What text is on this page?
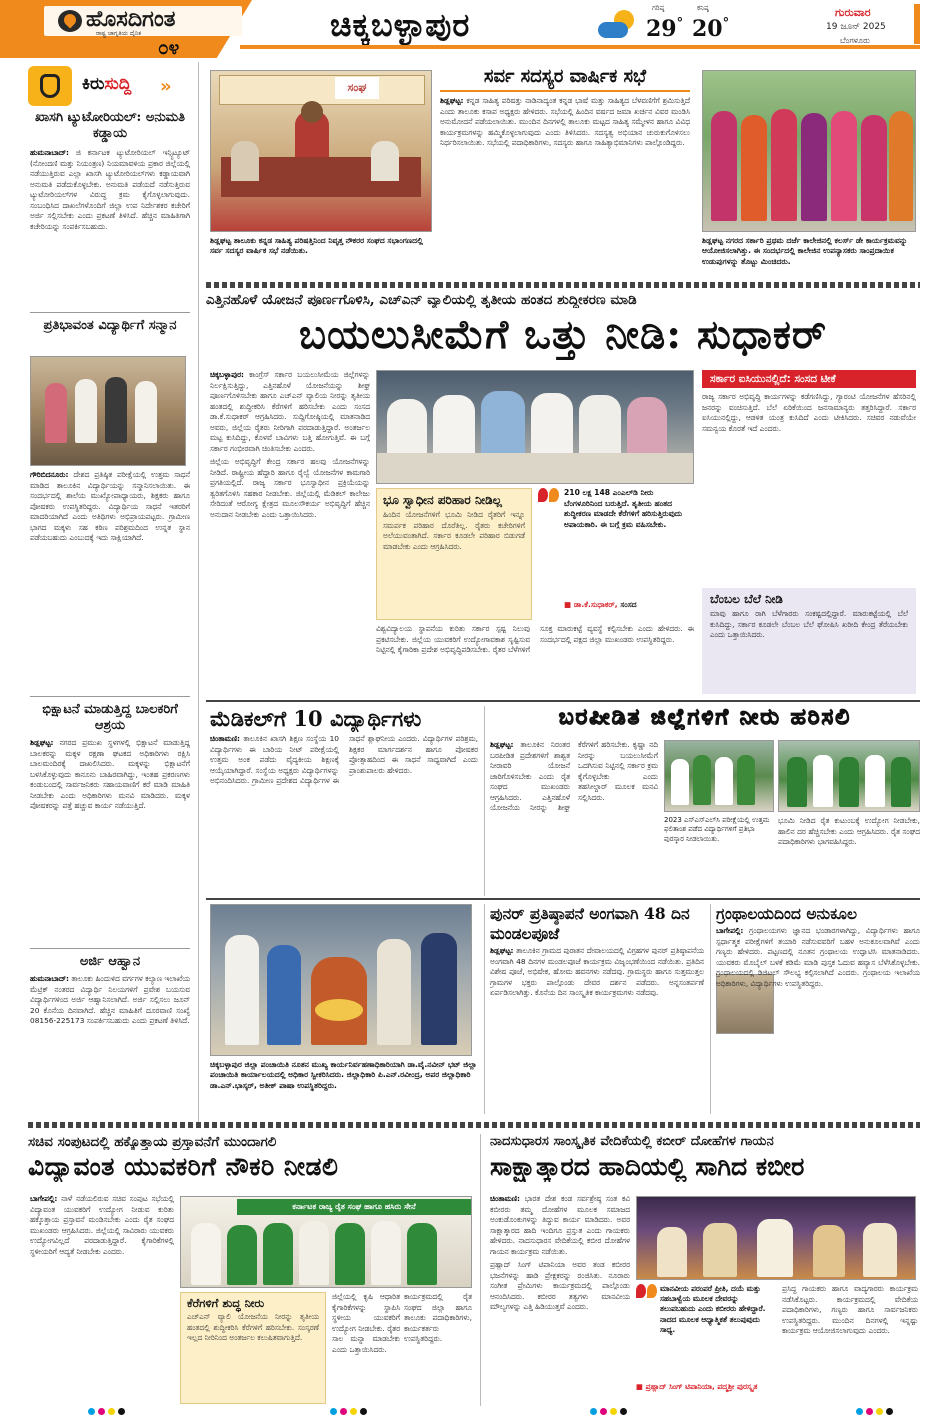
ಹೊಸದಿಗಂತ
ರಾಷ್ಟ್ರ ಜಾಗೃತಿಯ ದೈನಿಕ
೦೪
ಚಿಕ್ಕಬಳ್ಳಾಪುರ	ಗರಿಷ್ಠ
29°
ಕನಿಷ್ಠ
20°
ಗುರುವಾರ
19 ಜೂನ್ 2025
ಬೆಂಗಳೂರು
ಕಿರುಸುದ್ದಿ »
ಖಾಸಗಿ ಟ್ಯುಟೋರಿಯಲ್: ಅನುಮತಿ ಕಡ್ಡಾಯ

ಹುಮನಾಬಾದ್: ಜಿ ಕರ್ನಾಟಕ ಟ್ಯುಟೋರಿಯಲ್ ಇನ್ಸ್ಟಿಟ್ಯೂಟ್ (ನೋಂದಣಿ ಮತ್ತು ನಿಯಂತ್ರಣ) ನಿಯಮಾವಳಿಯ ಪ್ರಕಾರ ಜಿಲ್ಲೆಯಲ್ಲಿ ನಡೆಯುತ್ತಿರುವ ಎಲ್ಲಾ ಖಾಸಗಿ ಟ್ಯುಟೋರಿಯಲ್‌ಗಳು ಕಡ್ಡಾಯವಾಗಿ ಅನುಮತಿ ಪಡೆದುಕೊಳ್ಳಬೇಕು. ಅನುಮತಿ ಪಡೆಯದೆ ನಡೆಸುತ್ತಿರುವ ಟ್ಯುಟೋರಿಯಲ್‌ಗಳ ವಿರುದ್ಧ ಕ್ರಮ ಕೈಗೊಳ್ಳಲಾಗುವುದು. ಸಂಬಂಧಿಸಿದ ದಾಖಲೆಗಳೊಂದಿಗೆ ಜಿಲ್ಲಾ ಉಪ ನಿರ್ದೇಶಕರ ಕಚೇರಿಗೆ ಅರ್ಜಿ ಸಲ್ಲಿಸಬೇಕು ಎಂದು ಪ್ರಕಟಣೆ ತಿಳಿಸಿದೆ. ಹೆಚ್ಚಿನ ಮಾಹಿತಿಗಾಗಿ ಕಚೇರಿಯನ್ನು ಸಂಪರ್ಕಿಸಬಹುದು.

ಪ್ರತಿಭಾವಂತ ವಿದ್ಯಾರ್ಥಿಗೆ ಸನ್ಮಾನ

ಗೌರಿಬಿದನೂರು: ದೇಶದ ಪ್ರತಿಷ್ಠಿತ ಪರೀಕ್ಷೆಯಲ್ಲಿ ಉತ್ತಮ ಸಾಧನೆ ಮಾಡಿದ ತಾಲೂಕಿನ ವಿದ್ಯಾರ್ಥಿಯನ್ನು ಸನ್ಮಾನಿಸಲಾಯಿತು. ಈ ಸಂದರ್ಭದಲ್ಲಿ ಶಾಲೆಯ ಮುಖ್ಯೋಪಾಧ್ಯಾಯರು, ಶಿಕ್ಷಕರು ಹಾಗೂ ಪೋಷಕರು ಉಪಸ್ಥಿತರಿದ್ದರು. ವಿದ್ಯಾರ್ಥಿಯ ಸಾಧನೆ ಇತರರಿಗೆ ಮಾದರಿಯಾಗಿದೆ ಎಂದು ಅತಿಥಿಗಳು ಅಭಿಪ್ರಾಯಪಟ್ಟರು. ಗ್ರಾಮೀಣ ಭಾಗದ ಮಕ್ಕಳು ಸಹ ಕಠಿಣ ಪರಿಶ್ರಮದಿಂದ ಉನ್ನತ ಸ್ಥಾನ ಪಡೆಯಬಹುದು ಎಂಬುದಕ್ಕೆ ಇದು ಸಾಕ್ಷಿಯಾಗಿದೆ.

ಭಿಕ್ಷಾಟನೆ ಮಾಡುತ್ತಿದ್ದ ಬಾಲಕರಿಗೆ ಆಶ್ರಯ

ಶಿಡ್ಲಘಟ್ಟ: ನಗರದ ಪ್ರಮುಖ ಸ್ಥಳಗಳಲ್ಲಿ ಭಿಕ್ಷಾಟನೆ ಮಾಡುತ್ತಿದ್ದ ಬಾಲಕರನ್ನು ಮಕ್ಕಳ ರಕ್ಷಣಾ ಘಟಕದ ಅಧಿಕಾರಿಗಳು ರಕ್ಷಿಸಿ ಬಾಲಮಂದಿರಕ್ಕೆ ದಾಖಲಿಸಿದರು. ಮಕ್ಕಳನ್ನು ಭಿಕ್ಷಾಟನೆಗೆ ಬಳಸಿಕೊಳ್ಳುವುದು ಕಾನೂನು ಬಾಹಿರವಾಗಿದ್ದು, ಇಂತಹ ಪ್ರಕರಣಗಳು ಕಂಡುಬಂದಲ್ಲಿ ಸಾರ್ವಜನಿಕರು ಸಹಾಯವಾಣಿಗೆ ಕರೆ ಮಾಡಿ ಮಾಹಿತಿ ನೀಡಬೇಕು ಎಂದು ಅಧಿಕಾರಿಗಳು ಮನವಿ ಮಾಡಿದರು. ಮಕ್ಕಳ ಪೋಷಕರನ್ನು ಪತ್ತೆ ಹಚ್ಚುವ ಕಾರ್ಯ ನಡೆಯುತ್ತಿದೆ.

ಅರ್ಜಿ ಆಹ್ವಾನ

ಹುಮನಾಬಾದ್: ತಾಲೂಕು ಹಿಂದುಳಿದ ವರ್ಗಗಳ ಕಲ್ಯಾಣ ಇಲಾಖೆಯ ಮೆಟ್ರಿಕ್ ನಂತರದ ವಿದ್ಯಾರ್ಥಿ ನಿಲಯಗಳಿಗೆ ಪ್ರವೇಶ ಬಯಸುವ ವಿದ್ಯಾರ್ಥಿಗಳಿಂದ ಅರ್ಜಿ ಆಹ್ವಾನಿಸಲಾಗಿದೆ. ಅರ್ಜಿ ಸಲ್ಲಿಸಲು ಜೂನ್ 20 ಕೊನೆಯ ದಿನವಾಗಿದೆ. ಹೆಚ್ಚಿನ ಮಾಹಿತಿಗೆ ದೂರವಾಣಿ ಸಂಖ್ಯೆ 08156-225173 ಸಂಪರ್ಕಿಸಬಹುದು ಎಂದು ಪ್ರಕಟಣೆ ತಿಳಿಸಿದೆ.

ಸಂಘ
ಶಿಡ್ಲಘಟ್ಟ ತಾಲೂಕು ಕನ್ನಡ ಸಾಹಿತ್ಯ ಪರಿಷತ್ತಿನಿಂದ ನಿವೃತ್ತ ನೌಕರರ ಸಂಘದ ಸಭಾಂಗಣದಲ್ಲಿ ಸರ್ವ ಸದಸ್ಯರ ವಾರ್ಷಿಕ ಸಭೆ ನಡೆಯಿತು.
ಸರ್ವ ಸದಸ್ಯರ ವಾರ್ಷಿಕ ಸಭೆ

ಶಿಡ್ಲಘಟ್ಟ: ಕನ್ನಡ ಸಾಹಿತ್ಯ ಪರಿಷತ್ತು ನಾಡಿನಾದ್ಯಂತ ಕನ್ನಡ ಭಾಷೆ ಮತ್ತು ಸಾಹಿತ್ಯದ ಬೆಳವಣಿಗೆಗೆ ಶ್ರಮಿಸುತ್ತಿದೆ ಎಂದು ತಾಲೂಕು ಕಸಾಪ ಅಧ್ಯಕ್ಷರು ಹೇಳಿದರು. ಸಭೆಯಲ್ಲಿ ಹಿಂದಿನ ವರ್ಷದ ಜಮಾ ಖರ್ಚಿನ ವಿವರ ಮಂಡಿಸಿ ಅನುಮೋದನೆ ಪಡೆಯಲಾಯಿತು. ಮುಂದಿನ ದಿನಗಳಲ್ಲಿ ತಾಲೂಕು ಮಟ್ಟದ ಸಾಹಿತ್ಯ ಸಮ್ಮೇಳನ ಹಾಗೂ ವಿವಿಧ ಕಾರ್ಯಕ್ರಮಗಳನ್ನು ಹಮ್ಮಿಕೊಳ್ಳಲಾಗುವುದು ಎಂದು ತಿಳಿಸಿದರು. ಸದಸ್ಯತ್ವ ಅಭಿಯಾನ ಚುರುಕುಗೊಳಿಸಲು ನಿರ್ಧರಿಸಲಾಯಿತು. ಸಭೆಯಲ್ಲಿ ಪದಾಧಿಕಾರಿಗಳು, ಸದಸ್ಯರು ಹಾಗೂ ಸಾಹಿತ್ಯಾಭಿಮಾನಿಗಳು ಪಾಲ್ಗೊಂಡಿದ್ದರು.

ಶಿಡ್ಲಘಟ್ಟ ನಗರದ ಸರ್ಕಾರಿ ಪ್ರಥಮ ದರ್ಜೆ ಕಾಲೇಜಿನಲ್ಲಿ ಕಲರ್ಸ್ ಡೇ ಕಾರ್ಯಕ್ರಮವನ್ನು ಆಯೋಜಿಸಲಾಗಿತ್ತು. ಈ ಸಂದರ್ಭದಲ್ಲಿ ಕಾಲೇಜಿನ ಉಪನ್ಯಾಸಕರು ಸಾಂಪ್ರದಾಯಿಕ ಉಡುಪುಗಳನ್ನು ತೊಟ್ಟು ಮಿಂಚಿದರು.
ಎತ್ತಿನಹೊಳೆ ಯೋಜನೆ ಪೂರ್ಣಗೊಳಿಸಿ, ಎಚ್‌ಎನ್ ವ್ಯಾಲಿಯಲ್ಲಿ ತೃತೀಯ ಹಂತದ ಶುದ್ಧೀಕರಣ ಮಾಡಿ
ಬಯಲುಸೀಮೆಗೆ ಒತ್ತು ನೀಡಿ: ಸುಧಾಕರ್

ಚಿಕ್ಕಬಳ್ಳಾಪುರ: ಕಾಂಗ್ರೆಸ್ ಸರ್ಕಾರ ಬಯಲುಸೀಮೆಯ ಜಿಲ್ಲೆಗಳನ್ನು ನಿರ್ಲಕ್ಷಿಸುತ್ತಿದ್ದು, ಎತ್ತಿನಹೊಳೆ ಯೋಜನೆಯನ್ನು ಶೀಘ್ರ ಪೂರ್ಣಗೊಳಿಸಬೇಕು ಹಾಗೂ ಎಚ್‌ಎನ್ ವ್ಯಾಲಿಯ ನೀರನ್ನು ತೃತೀಯ ಹಂತದಲ್ಲಿ ಶುದ್ಧೀಕರಿಸಿ ಕೆರೆಗಳಿಗೆ ಹರಿಸಬೇಕು ಎಂದು ಸಂಸದ ಡಾ.ಕೆ.ಸುಧಾಕರ್ ಆಗ್ರಹಿಸಿದರು. ಸುದ್ದಿಗೋಷ್ಠಿಯಲ್ಲಿ ಮಾತನಾಡಿದ ಅವರು, ಜಿಲ್ಲೆಯ ರೈತರು ನೀರಿಗಾಗಿ ಪರದಾಡುತ್ತಿದ್ದಾರೆ. ಅಂತರ್ಜಲ ಮಟ್ಟ ಕುಸಿದಿದ್ದು, ಕೊಳವೆ ಬಾವಿಗಳು ಬತ್ತಿ ಹೋಗುತ್ತಿವೆ. ಈ ಬಗ್ಗೆ ಸರ್ಕಾರ ಗಂಭೀರವಾಗಿ ಚಿಂತಿಸಬೇಕು ಎಂದರು.

ಜಿಲ್ಲೆಯ ಅಭಿವೃದ್ಧಿಗೆ ಕೇಂದ್ರ ಸರ್ಕಾರ ಹಲವು ಯೋಜನೆಗಳನ್ನು ನೀಡಿದೆ. ರಾಷ್ಟ್ರೀಯ ಹೆದ್ದಾರಿ ಹಾಗೂ ರೈಲ್ವೆ ಯೋಜನೆಗಳ ಕಾಮಗಾರಿ ಪ್ರಗತಿಯಲ್ಲಿದೆ. ರಾಜ್ಯ ಸರ್ಕಾರ ಭೂಸ್ವಾಧೀನ ಪ್ರಕ್ರಿಯೆಯನ್ನು ತ್ವರಿತಗೊಳಿಸಿ ಸಹಕಾರ ನೀಡಬೇಕು. ಜಿಲ್ಲೆಯಲ್ಲಿ ಮೆಡಿಕಲ್ ಕಾಲೇಜು ಸೇರಿದಂತೆ ಆರೋಗ್ಯ ಕ್ಷೇತ್ರದ ಮೂಲಸೌಕರ್ಯ ಅಭಿವೃದ್ಧಿಗೆ ಹೆಚ್ಚಿನ ಅನುದಾನ ನೀಡಬೇಕು ಎಂದು ಒತ್ತಾಯಿಸಿದರು.

ಭೂ ಸ್ವಾಧೀನ ಪರಿಹಾರ ನೀಡಿಲ್ಲ
ಹಿಂದಿನ ಯೋಜನೆಗಳಿಗೆ ಭೂಮಿ ನೀಡಿದ ರೈತರಿಗೆ ಇನ್ನೂ ಸಮರ್ಪಕ ಪರಿಹಾರ ದೊರೆತಿಲ್ಲ. ರೈತರು ಕಚೇರಿಗಳಿಗೆ ಅಲೆಯುವಂತಾಗಿದೆ. ಸರ್ಕಾರ ಕೂಡಲೇ ಪರಿಹಾರ ಬಿಡುಗಡೆ ಮಾಡಬೇಕು ಎಂದು ಆಗ್ರಹಿಸಿದರು.
210 ಲಕ್ಷ 148 ಎಂಎಲ್‌ಡಿ ನೀರು ಬೆಂಗಳೂರಿನಿಂದ ಬರುತ್ತಿದೆ. ತೃತೀಯ ಹಂತದ ಶುದ್ಧೀಕರಣ ಮಾಡದೇ ಕೆರೆಗಳಿಗೆ ಹರಿಸುತ್ತಿರುವುದು ಅಪಾಯಕಾರಿ. ಈ ಬಗ್ಗೆ ಕ್ರಮ ವಹಿಸಬೇಕು.
■ ಡಾ.ಕೆ.ಸುಧಾಕರ್, ಸಂಸದ
ವಿಶ್ವವಿದ್ಯಾಲಯ ಸ್ಥಾಪನೆಯ ಕುರಿತು ಸರ್ಕಾರ ಸ್ಪಷ್ಟ ನಿಲುವು ಪ್ರಕಟಿಸಬೇಕು. ಜಿಲ್ಲೆಯ ಯುವಕರಿಗೆ ಉದ್ಯೋಗಾವಕಾಶ ಸೃಷ್ಟಿಸುವ ನಿಟ್ಟಿನಲ್ಲಿ ಕೈಗಾರಿಕಾ ಪ್ರದೇಶ ಅಭಿವೃದ್ಧಿಪಡಿಸಬೇಕು. ರೈತರ ಬೆಳೆಗಳಿಗೆ ಸೂಕ್ತ ಮಾರುಕಟ್ಟೆ ವ್ಯವಸ್ಥೆ ಕಲ್ಪಿಸಬೇಕು ಎಂದು ಹೇಳಿದರು. ಈ ಸಂದರ್ಭದಲ್ಲಿ ಪಕ್ಷದ ಜಿಲ್ಲಾ ಮುಖಂಡರು ಉಪಸ್ಥಿತರಿದ್ದರು.
ಸರ್ಕಾರ ಐಸಿಯುನಲ್ಲಿದೆ: ಸಂಸದ ಟೀಕೆ
ರಾಜ್ಯ ಸರ್ಕಾರ ಅಭಿವೃದ್ಧಿ ಕಾರ್ಯಗಳನ್ನು ಕಡೆಗಣಿಸಿದ್ದು, ಗ್ಯಾರಂಟಿ ಯೋಜನೆಗಳ ಹೆಸರಿನಲ್ಲಿ ಜನರನ್ನು ವಂಚಿಸುತ್ತಿದೆ. ಬೆಲೆ ಏರಿಕೆಯಿಂದ ಜನಸಾಮಾನ್ಯರು ತತ್ತರಿಸಿದ್ದಾರೆ. ಸರ್ಕಾರ ಐಸಿಯುನಲ್ಲಿದ್ದು, ಆಡಳಿತ ಯಂತ್ರ ಕುಸಿದಿದೆ ಎಂದು ಟೀಕಿಸಿದರು. ಸಚಿವರ ನಡುವೆಯೇ ಸಮನ್ವಯ ಕೊರತೆ ಇದೆ ಎಂದರು.
ಬೆಂಬಲ ಬೆಲೆ ನೀಡಿ
ಮಾವು ಹಾಗೂ ರಾಗಿ ಬೆಳೆಗಾರರು ಸಂಕಷ್ಟದಲ್ಲಿದ್ದಾರೆ. ಮಾರುಕಟ್ಟೆಯಲ್ಲಿ ಬೆಲೆ ಕುಸಿದಿದ್ದು, ಸರ್ಕಾರ ಕೂಡಲೇ ಬೆಂಬಲ ಬೆಲೆ ಘೋಷಿಸಿ ಖರೀದಿ ಕೇಂದ್ರ ತೆರೆಯಬೇಕು ಎಂದು ಒತ್ತಾಯಿಸಿದರು.
ಮೆಡಿಕಲ್‌ಗೆ 10 ವಿದ್ಯಾರ್ಥಿಗಳು

ಚಿಂತಾಮಣಿ: ತಾಲೂಕಿನ ಖಾಸಗಿ ಶಿಕ್ಷಣ ಸಂಸ್ಥೆಯ 10 ವಿದ್ಯಾರ್ಥಿಗಳು ಈ ಬಾರಿಯ ನೀಟ್ ಪರೀಕ್ಷೆಯಲ್ಲಿ ಉತ್ತಮ ಅಂಕ ಪಡೆದು ವೈದ್ಯಕೀಯ ಶಿಕ್ಷಣಕ್ಕೆ ಆಯ್ಕೆಯಾಗಿದ್ದಾರೆ. ಸಂಸ್ಥೆಯ ಅಧ್ಯಕ್ಷರು ವಿದ್ಯಾರ್ಥಿಗಳನ್ನು ಅಭಿನಂದಿಸಿದರು. ಗ್ರಾಮೀಣ ಪ್ರದೇಶದ ವಿದ್ಯಾರ್ಥಿಗಳ ಈ ಸಾಧನೆ ಶ್ಲಾಘನೀಯ ಎಂದರು. ವಿದ್ಯಾರ್ಥಿಗಳ ಪರಿಶ್ರಮ, ಶಿಕ್ಷಕರ ಮಾರ್ಗದರ್ಶನ ಹಾಗೂ ಪೋಷಕರ ಪ್ರೋತ್ಸಾಹದಿಂದ ಈ ಸಾಧನೆ ಸಾಧ್ಯವಾಗಿದೆ ಎಂದು ಪ್ರಾಂಶುಪಾಲರು ಹೇಳಿದರು.

ಬರಪೀಡಿತ ಜಿಲ್ಲೆಗಳಿಗೆ ನೀರು ಹರಿಸಲಿ

ಶಿಡ್ಲಘಟ್ಟ: ತಾಲೂಕಿನ ನಿರಂತರ ಬರಪೀಡಿತ ಪ್ರದೇಶಗಳಿಗೆ ಶಾಶ್ವತ ನೀರಾವರಿ ಯೋಜನೆ ಜಾರಿಗೊಳಿಸಬೇಕು ಎಂದು ರೈತ ಸಂಘದ ಮುಖಂಡರು ಆಗ್ರಹಿಸಿದರು. ಎತ್ತಿನಹೊಳೆ ಯೋಜನೆಯ ನೀರನ್ನು ಶೀಘ್ರ ಕೆರೆಗಳಿಗೆ ಹರಿಸಬೇಕು. ಕೃಷ್ಣಾ ನದಿ ನೀರನ್ನು ಬಯಲುಸೀಮೆಗೆ ಒದಗಿಸುವ ನಿಟ್ಟಿನಲ್ಲಿ ಸರ್ಕಾರ ಕ್ರಮ ಕೈಗೊಳ್ಳಬೇಕು ಎಂದು ತಹಸೀಲ್ದಾರ್ ಮೂಲಕ ಮನವಿ ಸಲ್ಲಿಸಿದರು.

2023 ಎಸ್‌ಎಸ್‌ಎಲ್‌ಸಿ ಪರೀಕ್ಷೆಯಲ್ಲಿ ಉತ್ತಮ ಫಲಿತಾಂಶ ಪಡೆದ ವಿದ್ಯಾರ್ಥಿಗಳಿಗೆ ಪ್ರತಿಭಾ ಪುರಸ್ಕಾರ ನೀಡಲಾಯಿತು.
ಭೂಮಿ ನೀಡಿದ ರೈತ ಕುಟುಂಬಕ್ಕೆ ಉದ್ಯೋಗ ನೀಡಬೇಕು, ಹಾಲಿನ ದರ ಹೆಚ್ಚಿಸಬೇಕು ಎಂದು ಆಗ್ರಹಿಸಿದರು. ರೈತ ಸಂಘದ ಪದಾಧಿಕಾರಿಗಳು ಭಾಗವಹಿಸಿದ್ದರು.
ಚಿಕ್ಕಬಳ್ಳಾಪುರ ಜಿಲ್ಲಾ ಪಂಚಾಯಿತಿ ನೂತನ ಮುಖ್ಯ ಕಾರ್ಯನಿರ್ವಹಣಾಧಿಕಾರಿಯಾಗಿ ಡಾ.ವೈ.ನವೀನ್ ಭಟ್ ಜಿಲ್ಲಾ ಪಂಚಾಯಿತಿ ಕಾರ್ಯಾಲಯದಲ್ಲಿ ಅಧಿಕಾರ ಸ್ವೀಕರಿಸಿದರು. ಜಿಲ್ಲಾಧಿಕಾರಿ ಪಿ.ಎನ್.ರವೀಂದ್ರ, ಅಪರ ಜಿಲ್ಲಾಧಿಕಾರಿ ಡಾ.ಎನ್.ಭಾಸ್ಕರ್, ಅತೀಕ್ ಪಾಷಾ ಉಪಸ್ಥಿತರಿದ್ದರು.
ಪುನರ್ ಪ್ರತಿಷ್ಠಾಪನೆ ಅಂಗವಾಗಿ 48 ದಿನ ಮಂಡಲಪೂಜೆ

ಶಿಡ್ಲಘಟ್ಟ: ತಾಲೂಕಿನ ಗ್ರಾಮದ ಪುರಾತನ ದೇವಾಲಯದಲ್ಲಿ ವಿಗ್ರಹಗಳ ಪುನರ್ ಪ್ರತಿಷ್ಠಾಪನೆಯ ಅಂಗವಾಗಿ 48 ದಿನಗಳ ಮಂಡಲಪೂಜೆ ಕಾರ್ಯಕ್ರಮ ವಿಜೃಂಭಣೆಯಿಂದ ನಡೆಯಿತು. ಪ್ರತಿದಿನ ವಿಶೇಷ ಪೂಜೆ, ಅಭಿಷೇಕ, ಹೋಮ ಹವನಗಳು ನಡೆದವು. ಗ್ರಾಮಸ್ಥರು ಹಾಗೂ ಸುತ್ತಮುತ್ತಲ ಗ್ರಾಮಗಳ ಭಕ್ತರು ಪಾಲ್ಗೊಂಡು ದೇವರ ದರ್ಶನ ಪಡೆದರು. ಅನ್ನಸಂತರ್ಪಣೆ ಏರ್ಪಡಿಸಲಾಗಿತ್ತು. ಕೊನೆಯ ದಿನ ಸಾಂಸ್ಕೃತಿಕ ಕಾರ್ಯಕ್ರಮಗಳು ನಡೆದವು.

ಗ್ರಂಥಾಲಯದಿಂದ ಅನುಕೂಲ

ಬಾಗೇಪಲ್ಲಿ: ಗ್ರಂಥಾಲಯಗಳು ಜ್ಞಾನದ ಭಂಡಾರಗಳಾಗಿದ್ದು, ವಿದ್ಯಾರ್ಥಿಗಳು ಹಾಗೂ ಸ್ಪರ್ಧಾತ್ಮಕ ಪರೀಕ್ಷೆಗಳಿಗೆ ತಯಾರಿ ನಡೆಸುವವರಿಗೆ ಬಹಳ ಅನುಕೂಲವಾಗಿವೆ ಎಂದು ಗಣ್ಯರು ಹೇಳಿದರು. ಪಟ್ಟಣದಲ್ಲಿ ನೂತನ ಗ್ರಂಥಾಲಯ ಉದ್ಘಾಟಿಸಿ ಮಾತನಾಡಿದರು. ಯುವಕರು ಮೊಬೈಲ್ ಬಳಕೆ ಕಡಿಮೆ ಮಾಡಿ ಪುಸ್ತಕ ಓದುವ ಹವ್ಯಾಸ ಬೆಳೆಸಿಕೊಳ್ಳಬೇಕು. ಗ್ರಂಥಾಲಯದಲ್ಲಿ ಡಿಜಿಟಲ್ ಸೌಲಭ್ಯ ಕಲ್ಪಿಸಲಾಗಿದೆ ಎಂದರು. ಗ್ರಂಥಾಲಯ ಇಲಾಖೆಯ ಅಧಿಕಾರಿಗಳು, ವಿದ್ಯಾರ್ಥಿಗಳು ಉಪಸ್ಥಿತರಿದ್ದರು.

ಸಚಿವ ಸಂಪುಟದಲ್ಲಿ ಹಕ್ಕೊತ್ತಾಯ ಪ್ರಸ್ತಾವನೆಗೆ ಮುಂದಾಗಲಿ
ವಿದ್ಯಾವಂತ ಯುವಕರಿಗೆ ನೌಕರಿ ನೀಡಲಿ

ಬಾಗೇಪಲ್ಲಿ: ನಾಳೆ ನಡೆಯಲಿರುವ ಸಚಿವ ಸಂಪುಟ ಸಭೆಯಲ್ಲಿ ವಿದ್ಯಾವಂತ ಯುವಕರಿಗೆ ಉದ್ಯೋಗ ನೀಡುವ ಕುರಿತು ಹಕ್ಕೊತ್ತಾಯ ಪ್ರಸ್ತಾವನೆ ಮಂಡಿಸಬೇಕು ಎಂದು ರೈತ ಸಂಘದ ಮುಖಂಡರು ಆಗ್ರಹಿಸಿದರು. ಜಿಲ್ಲೆಯಲ್ಲಿ ಸಾವಿರಾರು ಯುವಕರು ಉದ್ಯೋಗವಿಲ್ಲದೆ ಪರದಾಡುತ್ತಿದ್ದಾರೆ. ಕೈಗಾರಿಕೆಗಳಲ್ಲಿ ಸ್ಥಳೀಯರಿಗೆ ಆದ್ಯತೆ ನೀಡಬೇಕು ಎಂದರು.

ಕರ್ನಾಟಕ ರಾಜ್ಯ ರೈತ ಸಂಘ ಹಾಗೂ ಹಸಿರು ಸೇನೆ
ಕೆರೆಗಳಿಗೆ ಶುದ್ಧ ನೀರು
ಎಚ್‌ಎನ್ ವ್ಯಾಲಿ ಯೋಜನೆಯ ನೀರನ್ನು ತೃತೀಯ ಹಂತದಲ್ಲಿ ಶುದ್ಧೀಕರಿಸಿ ಕೆರೆಗಳಿಗೆ ಹರಿಸಬೇಕು. ಸಂಸ್ಕರಣೆ ಇಲ್ಲದ ನೀರಿನಿಂದ ಅಂತರ್ಜಲ ಕಲುಷಿತವಾಗುತ್ತಿದೆ.
ಜಿಲ್ಲೆಯಲ್ಲಿ ಕೃಷಿ ಆಧಾರಿತ ಕೈಗಾರಿಕೆಗಳನ್ನು ಸ್ಥಾಪಿಸಿ ಸ್ಥಳೀಯ ಯುವಕರಿಗೆ ಉದ್ಯೋಗ ನೀಡಬೇಕು. ರೈತರ ಸಾಲ ಮನ್ನಾ ಮಾಡಬೇಕು ಎಂದು ಒತ್ತಾಯಿಸಿದರು.
ಕಾರ್ಯಕ್ರಮದಲ್ಲಿ ರೈತ ಸಂಘದ ಜಿಲ್ಲಾ ಹಾಗೂ ತಾಲೂಕು ಪದಾಧಿಕಾರಿಗಳು, ಕಾರ್ಯಕರ್ತರು ಉಪಸ್ಥಿತರಿದ್ದರು.
ನಾದಸುಧಾರಸ ಸಾಂಸ್ಕೃತಿಕ ವೇದಿಕೆಯಲ್ಲಿ ಕಬೀರ್ ದೋಹೆಗಳ ಗಾಯನ
ಸಾಕ್ಷಾತ್ಕಾರದ ಹಾದಿಯಲ್ಲಿ ಸಾಗಿದ ಕಬೀರ

ಚಿಂತಾಮಣಿ: ಭಾರತ ದೇಶ ಕಂಡ ಸರ್ವಶ್ರೇಷ್ಠ ಸಂತ ಕವಿ ಕಬೀರರು ತಮ್ಮ ದೋಹೆಗಳ ಮೂಲಕ ಸಮಾಜದ ಅಂಕುಡೊಂಕುಗಳನ್ನು ತಿದ್ದುವ ಕಾರ್ಯ ಮಾಡಿದರು. ಅವರ ಸಾಕ್ಷಾತ್ಕಾರದ ಹಾದಿ ಇಂದಿಗೂ ಪ್ರಸ್ತುತ ಎಂದು ಗಾಯಕರು ಹೇಳಿದರು. ನಾದಸುಧಾರಸ ವೇದಿಕೆಯಲ್ಲಿ ಕಬೀರ ದೋಹೆಗಳ ಗಾಯನ ಕಾರ್ಯಕ್ರಮ ನಡೆಯಿತು.

ಪ್ರಹ್ಲಾದ್ ಸಿಂಗ್ ಟಿಪಾನಿಯಾ ಅವರ ತಂಡ ಕಬೀರರ ಭಜನೆಗಳನ್ನು ಹಾಡಿ ಪ್ರೇಕ್ಷಕರನ್ನು ರಂಜಿಸಿತು. ನೂರಾರು ಸಂಗೀತ ಪ್ರೇಮಿಗಳು ಕಾರ್ಯಕ್ರಮದಲ್ಲಿ ಪಾಲ್ಗೊಂಡು ಆನಂದಿಸಿದರು. ಕಬೀರರ ತತ್ವಗಳು ಮಾನವೀಯ ಮೌಲ್ಯಗಳನ್ನು ಎತ್ತಿ ಹಿಡಿಯುತ್ತವೆ ಎಂದರು.

ಮಾನವೀಯ ಪರಂಪರೆ ಪ್ರೀತಿ, ದಯೆ ಮತ್ತು ಸಹಬಾಳ್ವೆಯ ಮೂಲಕ ದೇವರನ್ನು ತಲುಪಬಹುದು ಎಂದು ಕಬೀರರು ಹೇಳಿದ್ದಾರೆ. ನಾದದ ಮೂಲಕ ಆಧ್ಯಾತ್ಮಿಕತೆ ತಲುಪುವುದು ಸಾಧ್ಯ.
■ ಪ್ರಹ್ಲಾದ್ ಸಿಂಗ್ ಟಿಪಾನಿಯಾ, ಪದ್ಮಶ್ರೀ ಪುರಸ್ಕೃತ
ಪ್ರಸಿದ್ಧ ಗಾಯಕರು ಹಾಗೂ ವಾದ್ಯಗಾರರು ಕಾರ್ಯಕ್ರಮ ನಡೆಸಿಕೊಟ್ಟರು. ಕಾರ್ಯಕ್ರಮದಲ್ಲಿ ವೇದಿಕೆಯ ಪದಾಧಿಕಾರಿಗಳು, ಗಣ್ಯರು ಹಾಗೂ ಸಾರ್ವಜನಿಕರು ಉಪಸ್ಥಿತರಿದ್ದರು. ಮುಂದಿನ ದಿನಗಳಲ್ಲಿ ಇನ್ನಷ್ಟು ಕಾರ್ಯಕ್ರಮ ಆಯೋಜಿಸಲಾಗುವುದು ಎಂದರು.
